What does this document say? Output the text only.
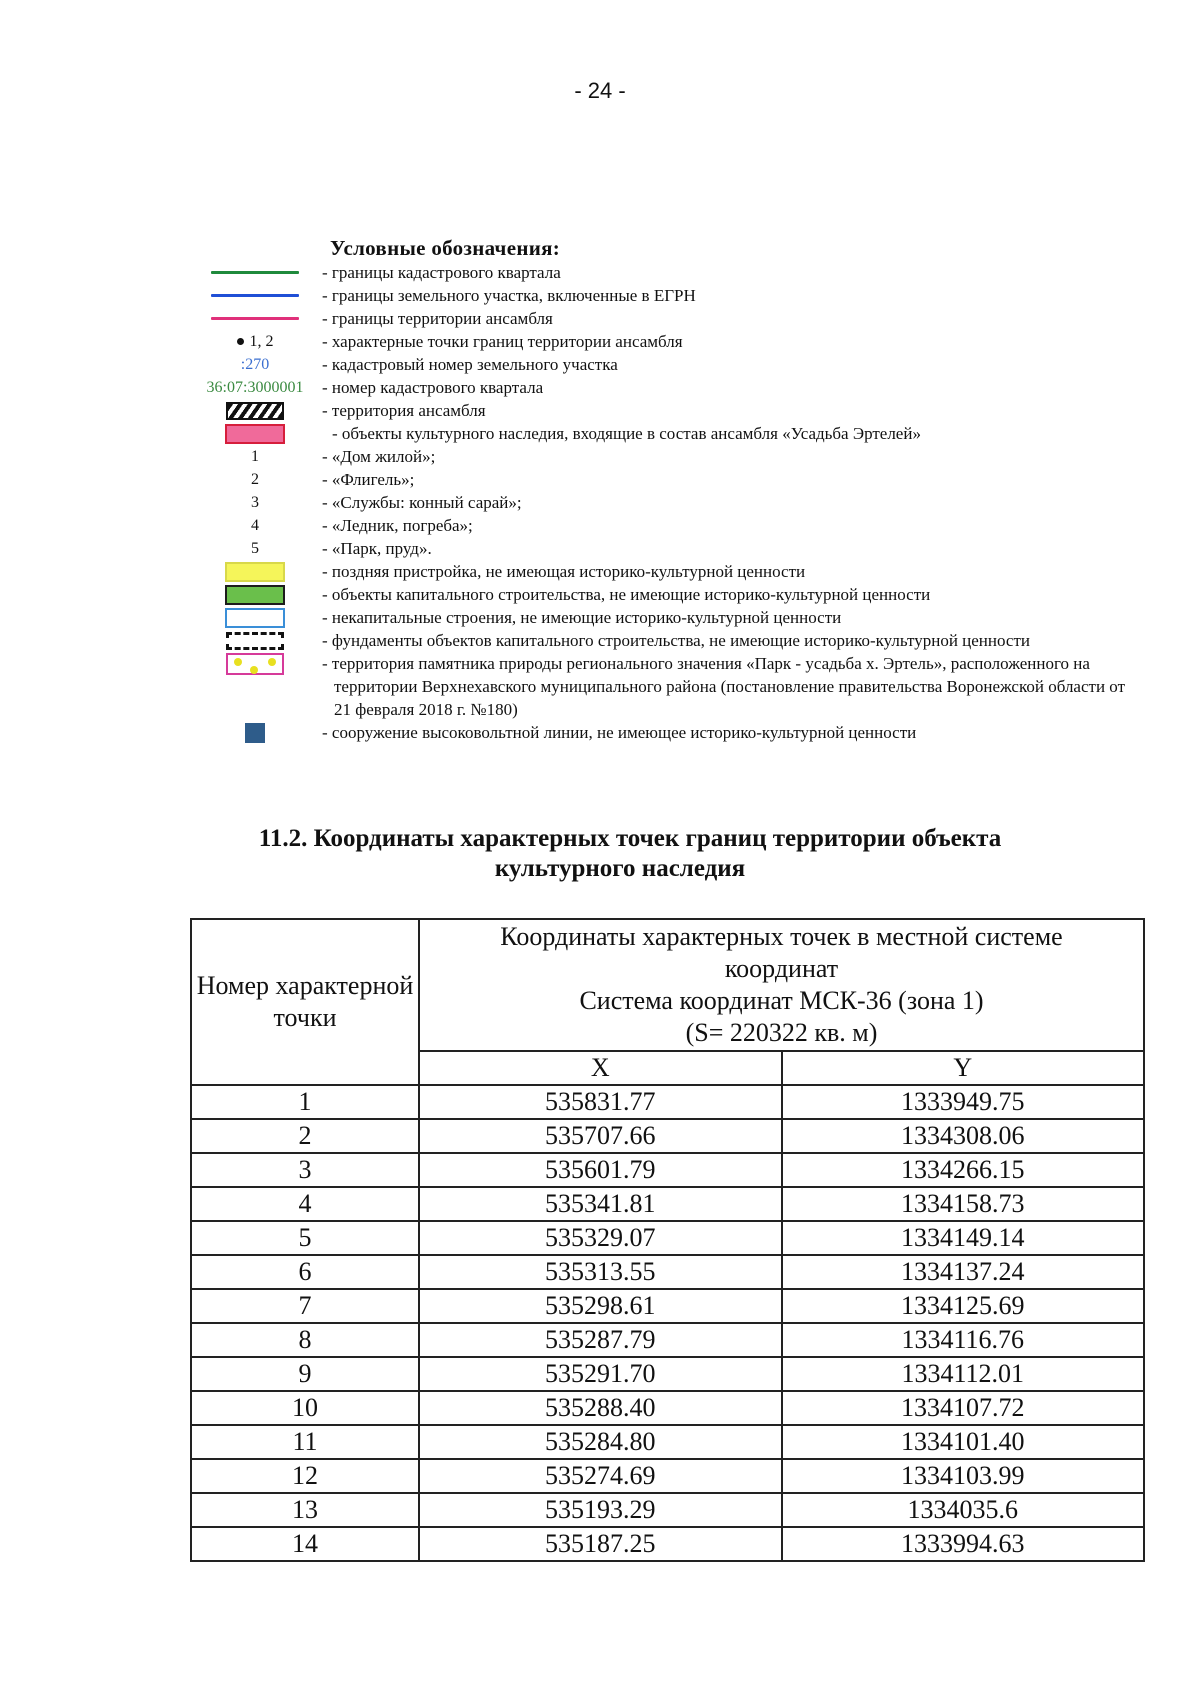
- 24 -
Условные обозначения:
- границы кадастрового квартала
- границы земельного участка, включенные в ЕГРН
- границы территории ансамбля
1, 2	- характерные точки границ территории ансамбля
:270	- кадастровый номер земельного участка
36:07:3000001 - номер кадастрового квартала
- территория ансамбля
- объекты культурного наследия, входящие в состав ансамбля «Усадьба Эртелей»
1	- «Дом жилой»;
2	- «Флигель»;
3	- «Службы: конный сарай»;
4	- «Ледник, погреба»;
5	- «Парк, пруд».
- поздняя пристройка, не имеющая историко-культурной ценности
- объекты капитального строительства, не имеющие историко-культурной ценности
- некапитальные строения, не имеющие историко-культурной ценности
- фундаменты объектов капитального строительства, не имеющие историко-культурной ценности
- территория памятника природы регионального значения «Парк - усадьба х. Эртель», расположенного на территории Верхнехавского муниципального района (постановление правительства Воронежской области от 21 февраля 2018 г. №180)
- сооружение высоковольтной линии, не имеющее историко-культурной ценности
11.2. Координаты характерных точек границ территории объекта
культурного наследия
Номер характерной точки	Координаты характерных точек в местной системе
координат
Система координат МСК-36 (зона 1)
(S= 220322 кв. м)	
	X	Y
1	535831.77	1333949.75
2	535707.66	1334308.06
3	535601.79	1334266.15
4	535341.81	1334158.73
5	535329.07	1334149.14
6	535313.55	1334137.24
7	535298.61	1334125.69
8	535287.79	1334116.76
9	535291.70	1334112.01
10	535288.40	1334107.72
11	535284.80	1334101.40
12	535274.69	1334103.99
13	535193.29	1334035.6
14	535187.25	1333994.63
